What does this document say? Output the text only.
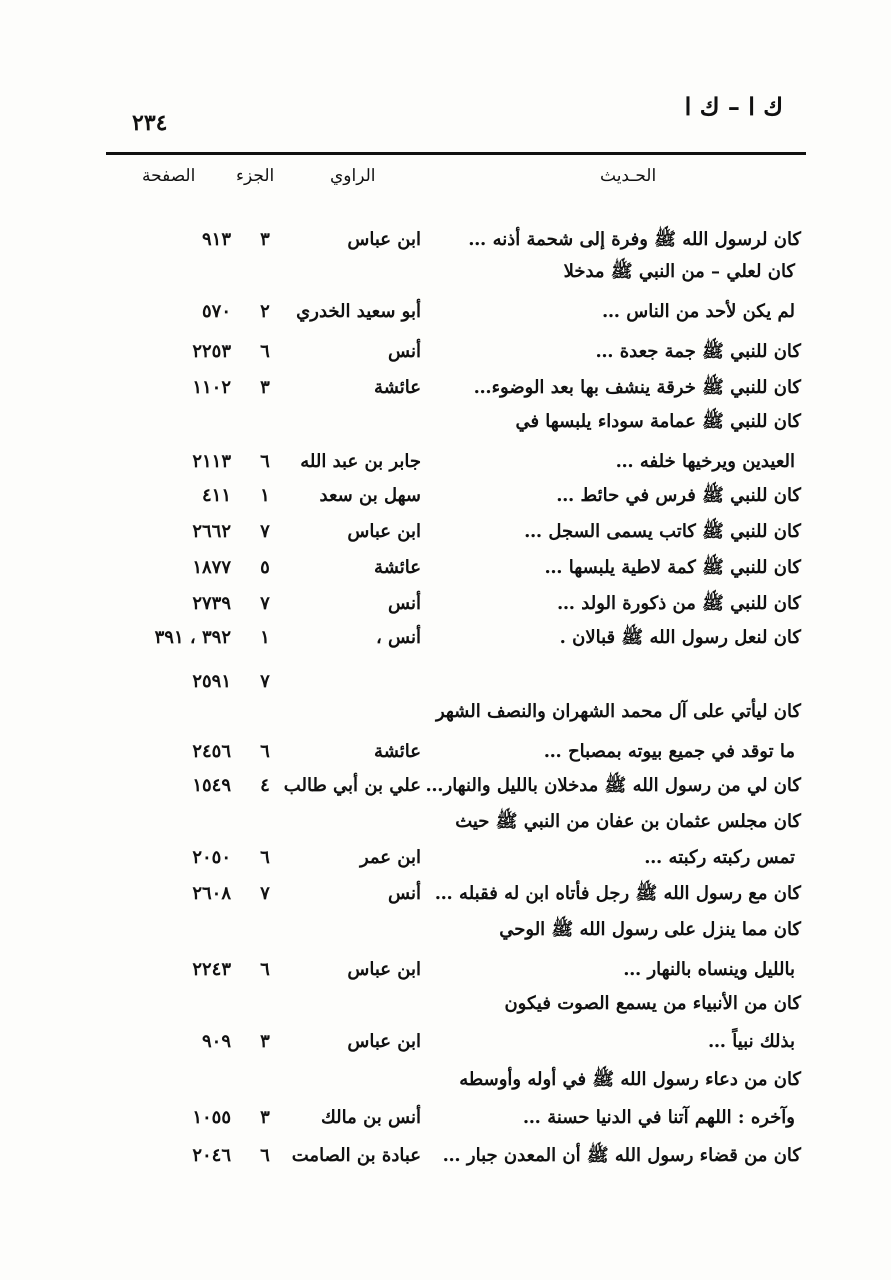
ك ا – ك ا
٢٣٤
الحـديث
الراوي
الجزء
الصفحة
كان لرسول الله ﷺ وفرة إلى شحمة أذنه …
ابن عباس
٣
٩١٣
كان لعلي – من النبي ﷺ مدخلا
لم يكن لأحد من الناس …
أبو سعيد الخدري
٢
٥٧٠
كان للنبي ﷺ جمة جعدة …
أنس
٦
٢٢٥٣
كان للنبي ﷺ خرقة ينشف بها بعد الوضوء…
عائشة
٣
١١٠٢
كان للنبي ﷺ عمامة سوداء يلبسها في
العيدين ويرخيها خلفه …
جابر بن عبد الله
٦
٢١١٣
كان للنبي ﷺ فرس في حائط …
سهل بن سعد
١
٤١١
كان للنبي ﷺ كاتب يسمى السجل …
ابن عباس
٧
٢٦٦٢
كان للنبي ﷺ كمة لاطية يلبسها …
عائشة
٥
١٨٧٧
كان للنبي ﷺ من ذكورة الولد …
أنس
٧
٢٧٣٩
كان لنعل رسول الله ﷺ قبالان .
أنس ،
١
٣٩٢ ، ٣٩١
٧
٢٥٩١
كان ليأتي على آل محمد الشهران والنصف الشهر
ما توقد في جميع بيوته بمصباح …
عائشة
٦
٢٤٥٦
كان لي من رسول الله ﷺ مدخلان بالليل والنهار…
علي بن أبي طالب
٤
١٥٤٩
كان مجلس عثمان بن عفان من النبي ﷺ حيث
تمس ركبته ركبته …
ابن عمر
٦
٢٠٥٠
كان مع رسول الله ﷺ رجل فأتاه ابن له فقبله …
أنس
٧
٢٦٠٨
كان مما ينزل على رسول الله ﷺ الوحي
بالليل وينساه بالنهار …
ابن عباس
٦
٢٢٤٣
كان من الأنبياء من يسمع الصوت فيكون
بذلك نبياً …
ابن عباس
٣
٩٠٩
كان من دعاء رسول الله ﷺ في أوله وأوسطه
وآخره : اللهم آتنا في الدنيا حسنة …
أنس بن مالك
٣
١٠٥٥
كان من قضاء رسول الله ﷺ أن المعدن جبار …
عبادة بن الصامت
٦
٢٠٤٦
